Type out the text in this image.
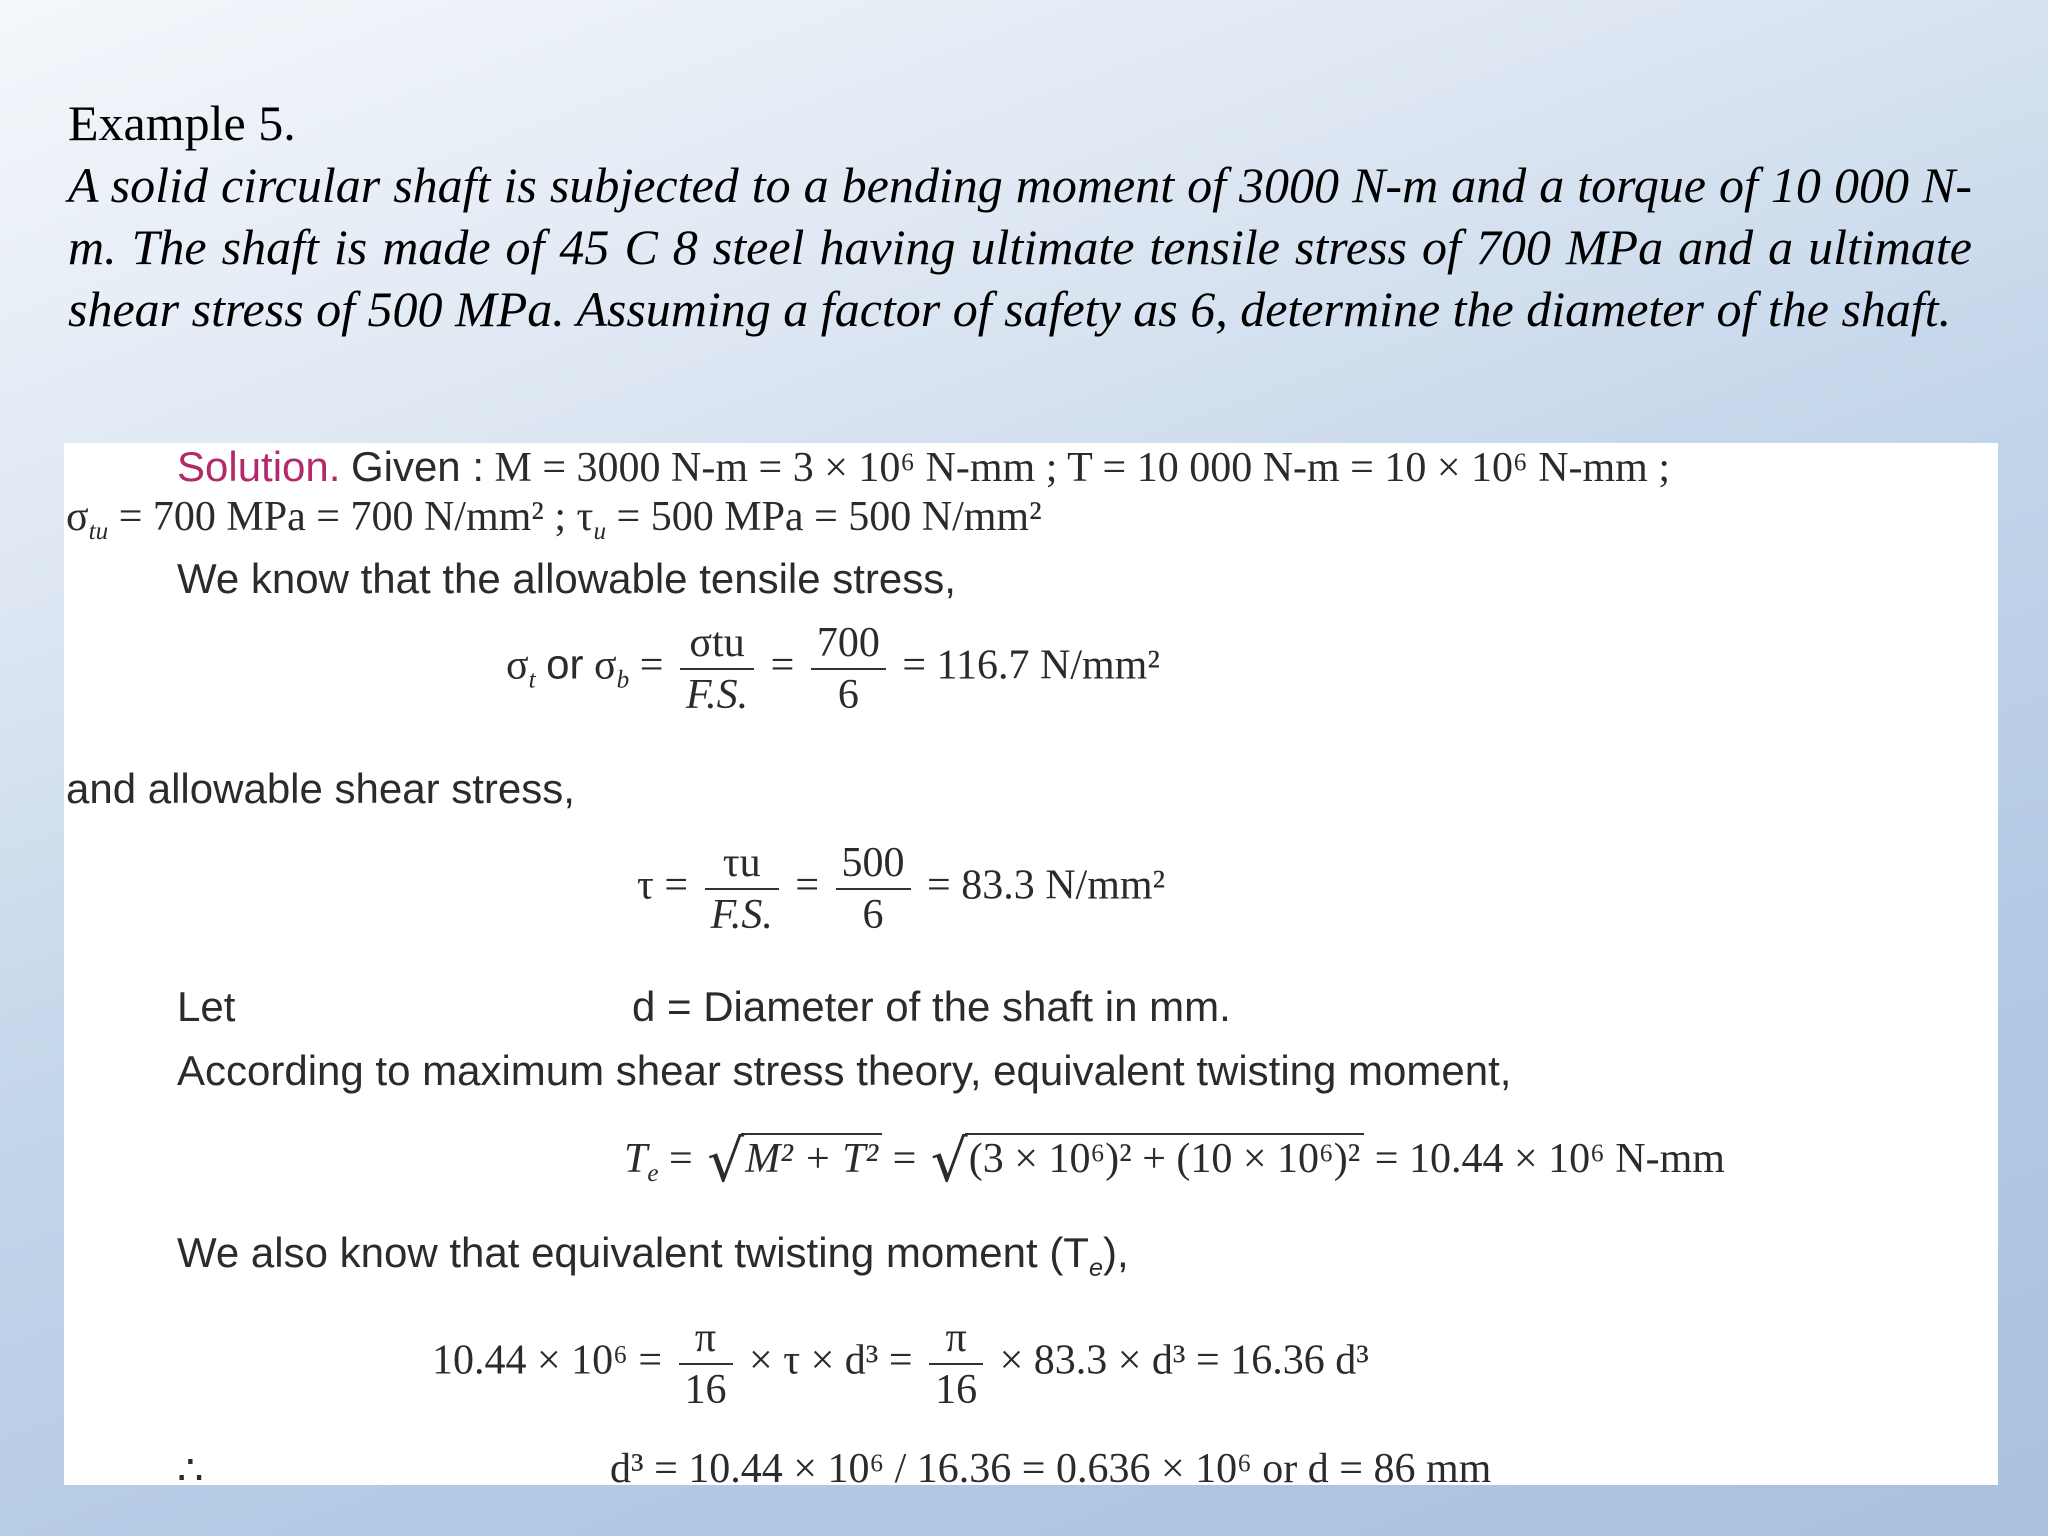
Example 5.
A solid circular shaft is subjected to a bending moment of 3000 N-m and a torque of 10 000 N-m. The shaft is made of 45 C 8 steel having ultimate tensile stress of 700 MPa and a ultimate shear stress of 500 MPa. Assuming a factor of safety as 6, determine the diameter of the shaft.
Solution. Given : M = 3000 N-m = 3 × 10⁶ N-mm ; T = 10 000 N-m = 10 × 10⁶ N-mm ;
$\sigma_{tu} = 700$ MPa = 700 N/mm² ; $\tau_u = 500$ MPa = 500 N/mm²
We know that the allowable tensile stress,
$\sigma_t$ or $\sigma_b = \frac{\text{σtu}}{F.S.} = \frac{700}{6} = 116.7$ N/mm²
and allowable shear stress,
$\tau = \frac{\tau u}{F.S.} = \frac{500}{6} = 83.3$ N/mm²
Let	d = Diameter of the shaft in mm.
According to maximum shear stress theory, equivalent twisting moment,
$T_e$ = √ M² + T² = √ (3 × 10⁶)² + (10 × 10⁶)² = 10.44 × 10⁶ N-mm
We also know that equivalent twisting moment $(T_e)$,
$10.44 \times 10^6 = \frac{\pi}{16} \times \tau \times d^3 = \frac{\pi}{16} \times 83.3 \times d^3 = 16.36$ d³
∴	d³ = 10.44 × 10⁶ / 16.36 = 0.636 × 10⁶ or d = 86 mm
